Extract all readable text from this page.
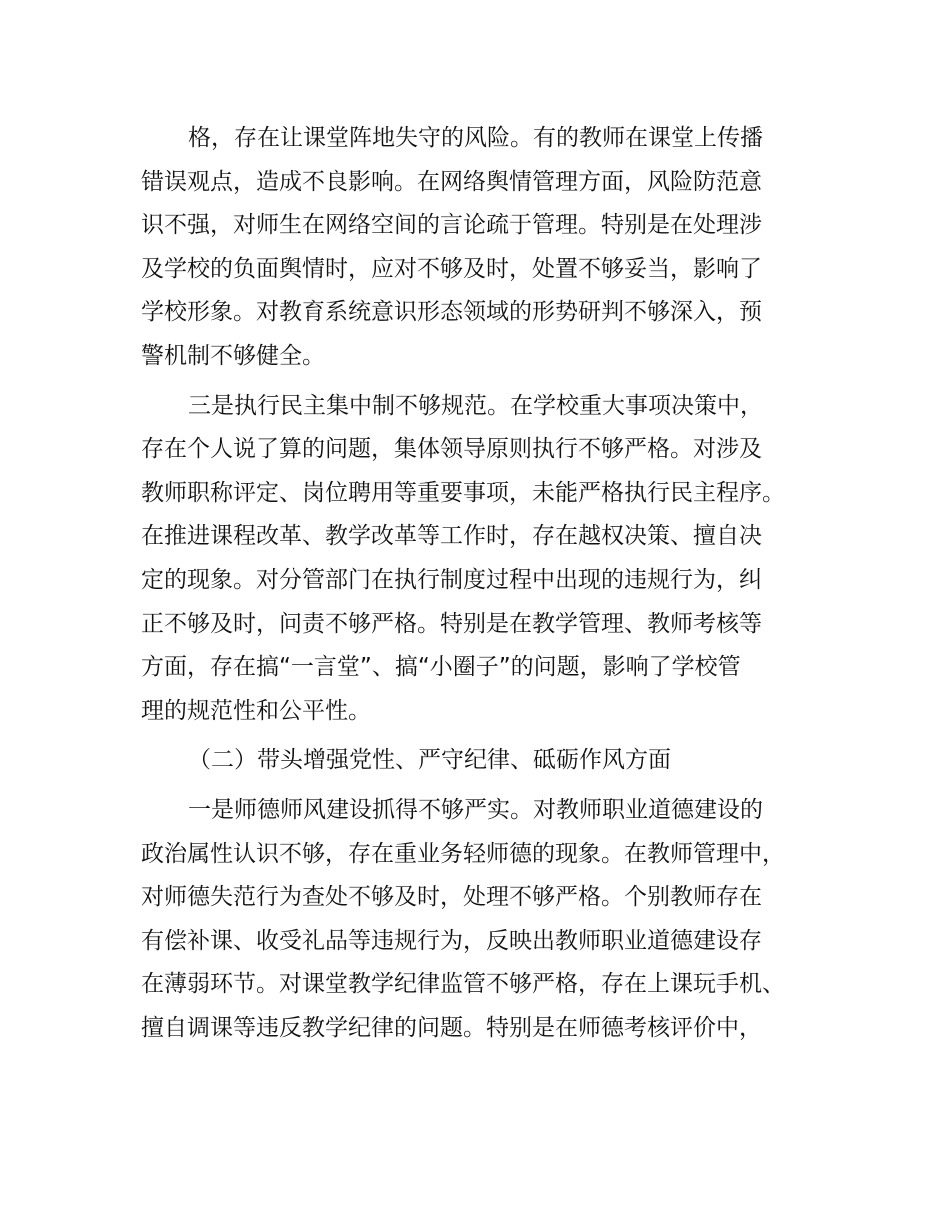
格，存在让课堂阵地失守的风险。有的教师在课堂上传播
错误观点，造成不良影响。在网络舆情管理方面，风险防范意
识不强，对师生在网络空间的言论疏于管理。特别是在处理涉
及学校的负面舆情时，应对不够及时，处置不够妥当，影响了
学校形象。对教育系统意识形态领域的形势研判不够深入，预
警机制不够健全。
三是执行民主集中制不够规范。在学校重大事项决策中，
存在个人说了算的问题，集体领导原则执行不够严格。对涉及
教师职称评定、岗位聘用等重要事项，未能严格执行民主程序。
在推进课程改革、教学改革等工作时，存在越权决策、擅自决
定的现象。对分管部门在执行制度过程中出现的违规行为，纠
正不够及时，问责不够严格。特别是在教学管理、教师考核等
方面，存在搞“一言堂”、搞“小圈子”的问题，影响了学校管
理的规范性和公平性。
（二）带头增强党性、严守纪律、砥砺作风方面
一是师德师风建设抓得不够严实。对教师职业道德建设的
政治属性认识不够，存在重业务轻师德的现象。在教师管理中，
对师德失范行为查处不够及时，处理不够严格。个别教师存在
有偿补课、收受礼品等违规行为，反映出教师职业道德建设存
在薄弱环节。对课堂教学纪律监管不够严格，存在上课玩手机、
擅自调课等违反教学纪律的问题。特别是在师德考核评价中，
